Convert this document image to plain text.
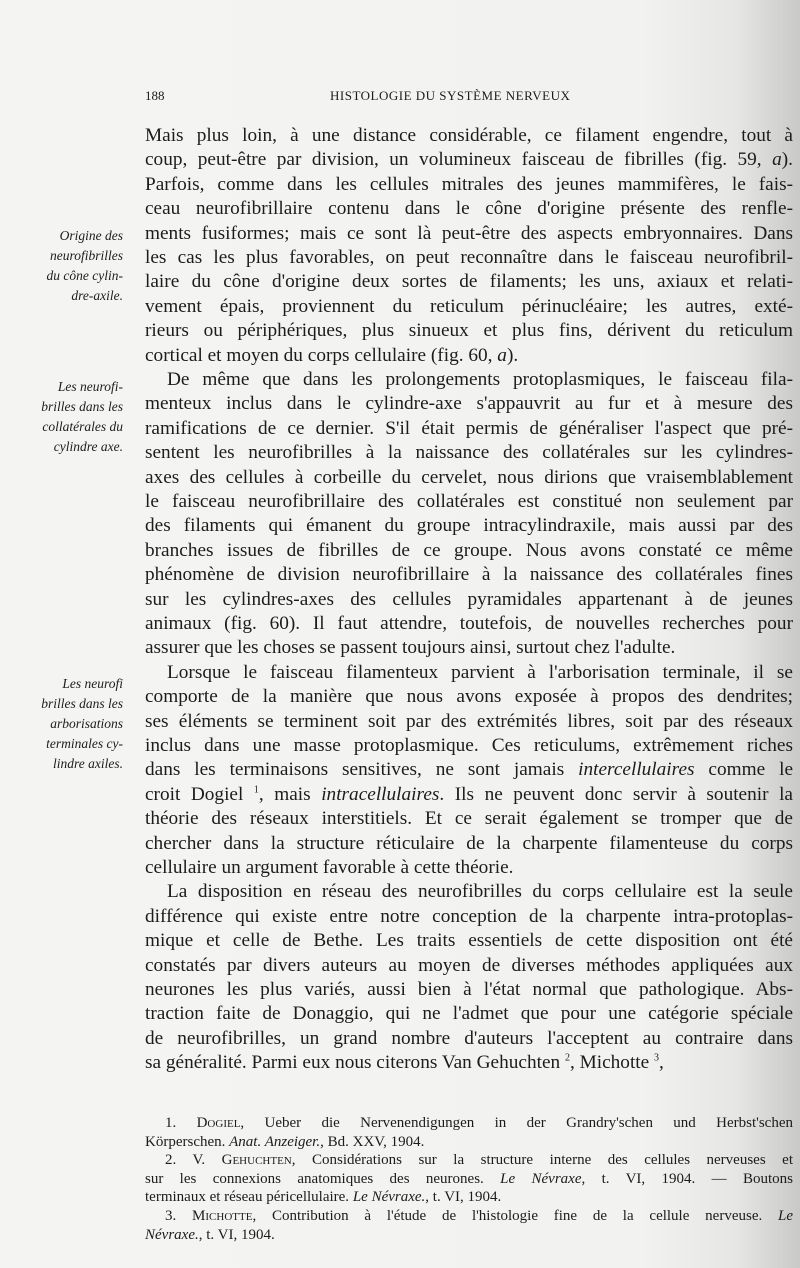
188	HISTOLOGIE DU SYSTÈME NERVEUX
Mais plus loin, à une distance considérable, ce filament engendre, tout à
coup, peut-être par division, un volumineux faisceau de fibrilles (fig. 59, a).
Parfois, comme dans les cellules mitrales des jeunes mammifères, le fais-
ceau neurofibrillaire contenu dans le cône d'origine présente des renfle-
ments fusiformes; mais ce sont là peut-être des aspects embryonnaires. Dans
les cas les plus favorables, on peut reconnaître dans le faisceau neurofibril-
laire du cône d'origine deux sortes de filaments; les uns, axiaux et relati-
vement épais, proviennent du reticulum périnucléaire; les autres, exté-
rieurs ou périphériques, plus sinueux et plus fins, dérivent du reticulum
cortical et moyen du corps cellulaire (fig. 60, a).
De même que dans les prolongements protoplasmiques, le faisceau fila-
menteux inclus dans le cylindre-axe s'appauvrit au fur et à mesure des
ramifications de ce dernier. S'il était permis de généraliser l'aspect que pré-
sentent les neurofibrilles à la naissance des collatérales sur les cylindres-
axes des cellules à corbeille du cervelet, nous dirions que vraisemblablement
le faisceau neurofibrillaire des collatérales est constitué non seulement par
des filaments qui émanent du groupe intracylindraxile, mais aussi par des
branches issues de fibrilles de ce groupe. Nous avons constaté ce même
phénomène de division neurofibrillaire à la naissance des collatérales fines
sur les cylindres-axes des cellules pyramidales appartenant à de jeunes
animaux (fig. 60). Il faut attendre, toutefois, de nouvelles recherches pour
assurer que les choses se passent toujours ainsi, surtout chez l'adulte.
Lorsque le faisceau filamenteux parvient à l'arborisation terminale, il se
comporte de la manière que nous avons exposée à propos des dendrites;
ses éléments se terminent soit par des extrémités libres, soit par des réseaux
inclus dans une masse protoplasmique. Ces reticulums, extrêmement riches
dans les terminaisons sensitives, ne sont jamais intercellulaires comme le
croit Dogiel $^1$, mais intracellulaires. Ils ne peuvent donc servir à soutenir la
théorie des réseaux interstitiels. Et ce serait également se tromper que de
chercher dans la structure réticulaire de la charpente filamenteuse du corps
cellulaire un argument favorable à cette théorie.
La disposition en réseau des neurofibrilles du corps cellulaire est la seule
différence qui existe entre notre conception de la charpente intra-protoplas-
mique et celle de Bethe. Les traits essentiels de cette disposition ont été
constatés par divers auteurs au moyen de diverses méthodes appliquées aux
neurones les plus variés, aussi bien à l'état normal que pathologique. Abs-
traction faite de Donaggio, qui ne l'admet que pour une catégorie spéciale
de neurofibrilles, un grand nombre d'auteurs l'acceptent au contraire dans
sa généralité. Parmi eux nous citerons Van Gehuchten $^2$, Michotte $^3$,
Origine des
neurofibrilles
du cône cylin-
dre-axile.
Les neurofi-
brilles dans les
collatérales du
cylindre axe.
Les neurofi
brilles dans les
arborisations
terminales cy-
lindre axiles.
1. Dogiel, Ueber die Nervenendigungen in der Grandry'schen und Herbst'schen
Körperschen. Anat. Anzeiger., Bd. XXV, 1904.
2. V. Gehuchten, Considérations sur la structure interne des cellules nerveuses et
sur les connexions anatomiques des neurones. Le Névraxe, t. VI, 1904. — Boutons
terminaux et réseau péricellulaire. Le Névraxe., t. VI, 1904.
3. Michotte, Contribution à l'étude de l'histologie fine de la cellule nerveuse. Le
Névraxe., t. VI, 1904.
